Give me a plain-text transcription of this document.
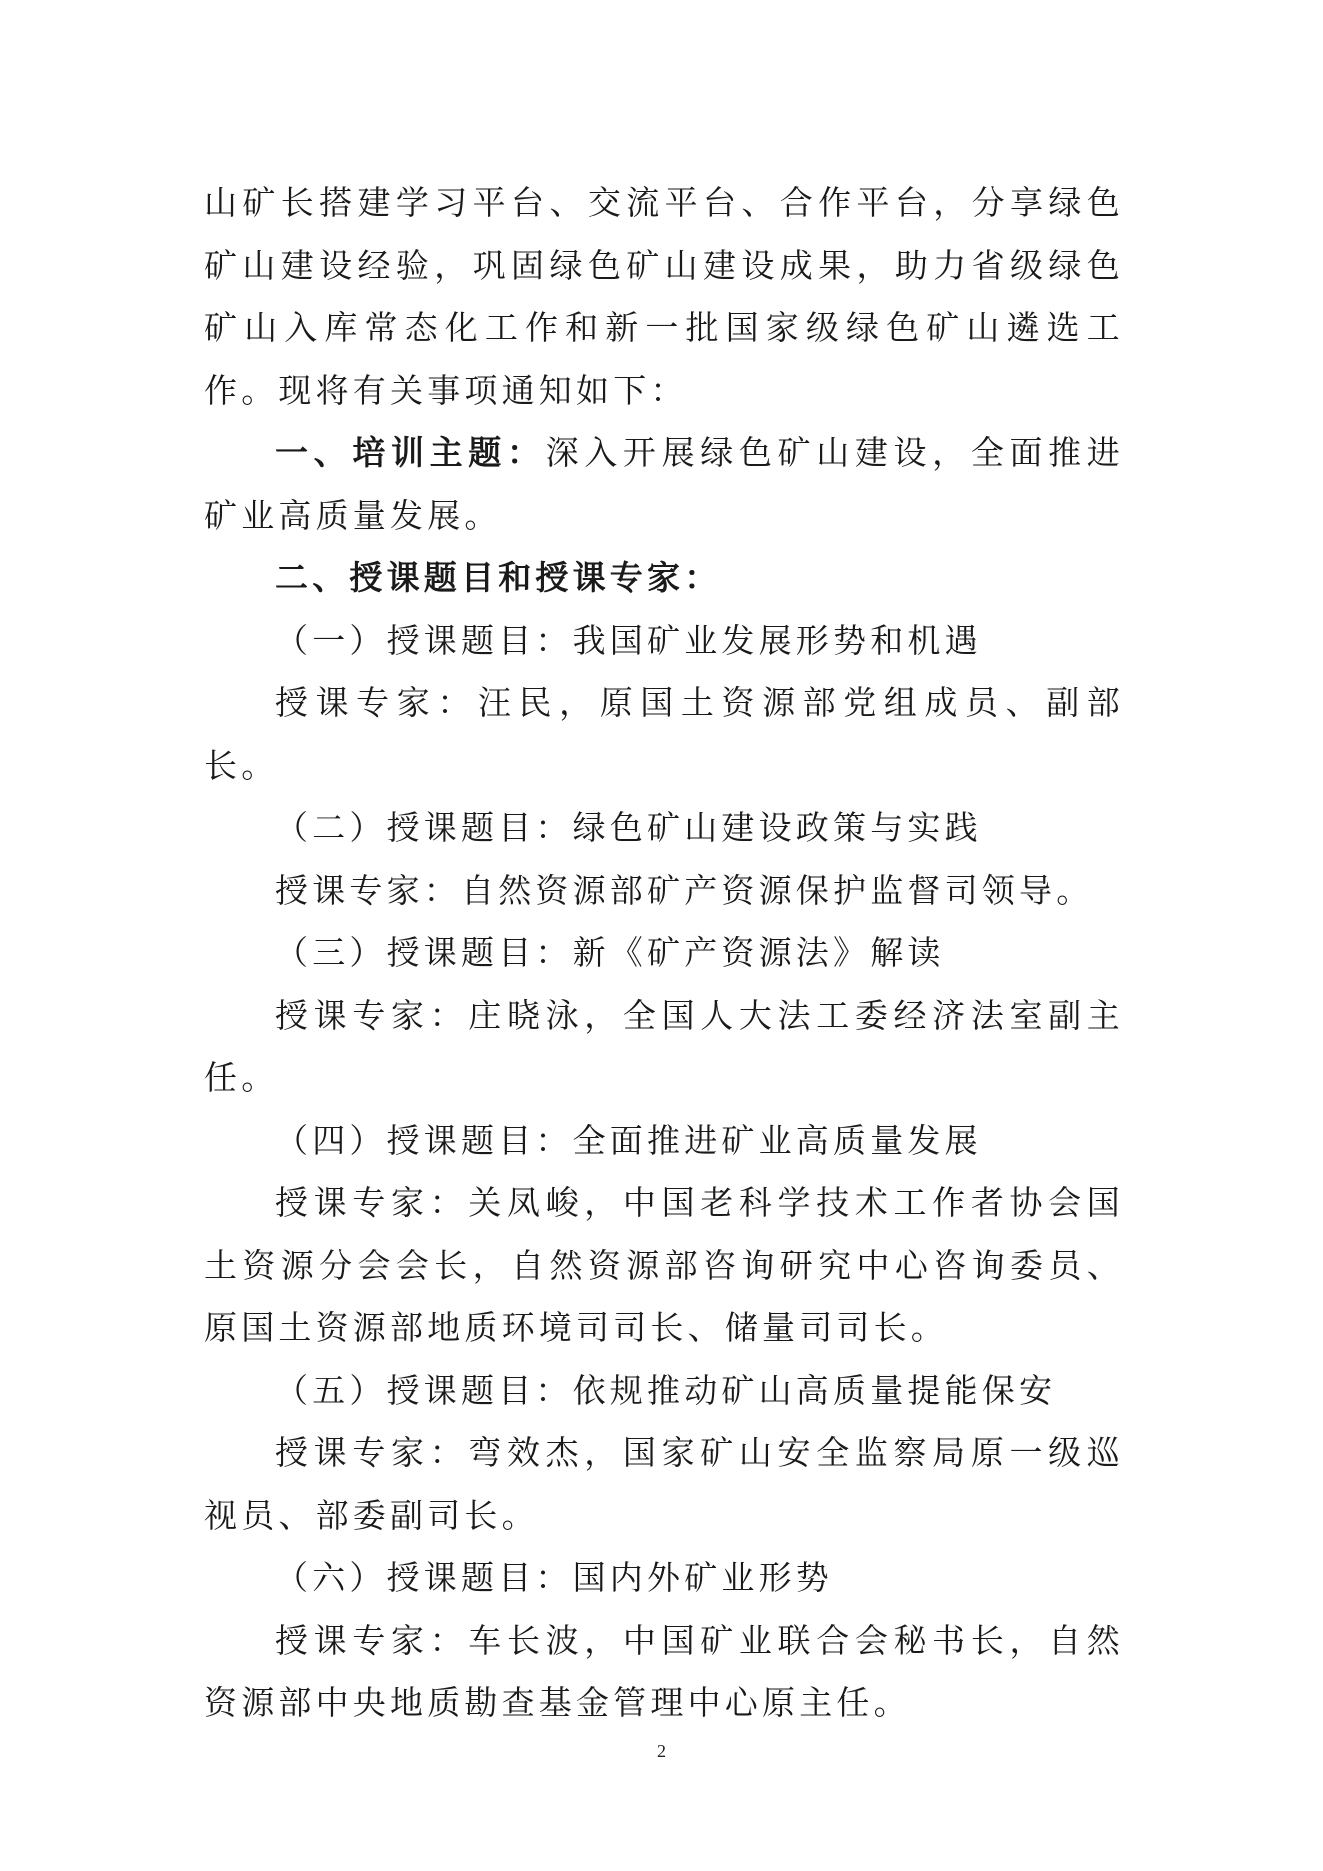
山矿长搭建学习平台、交流平台、合作平台，分享绿色矿山建设经验，巩固绿色矿山建设成果，助力省级绿色矿山入库常态化工作和新一批国家级绿色矿山遴选工作。现将有关事项通知如下：

一、培训主题：深入开展绿色矿山建设，全面推进矿业高质量发展。

二、授课题目和授课专家：

（一）授课题目：我国矿业发展形势和机遇

授课专家：汪民，原国土资源部党组成员、副部长。

（二）授课题目：绿色矿山建设政策与实践

授课专家：自然资源部矿产资源保护监督司领导。

（三）授课题目：新《矿产资源法》解读

授课专家：庄晓泳，全国人大法工委经济法室副主任。

（四）授课题目：全面推进矿业高质量发展

授课专家：关凤峻，中国老科学技术工作者协会国土资源分会会长，自然资源部咨询研究中心咨询委员、原国土资源部地质环境司司长、储量司司长。

（五）授课题目：依规推动矿山高质量提能保安

授课专家：弯效杰，国家矿山安全监察局原一级巡视员、部委副司长。

（六）授课题目：国内外矿业形势

授课专家：车长波，中国矿业联合会秘书长，自然资源部中央地质勘查基金管理中心原主任。

2
